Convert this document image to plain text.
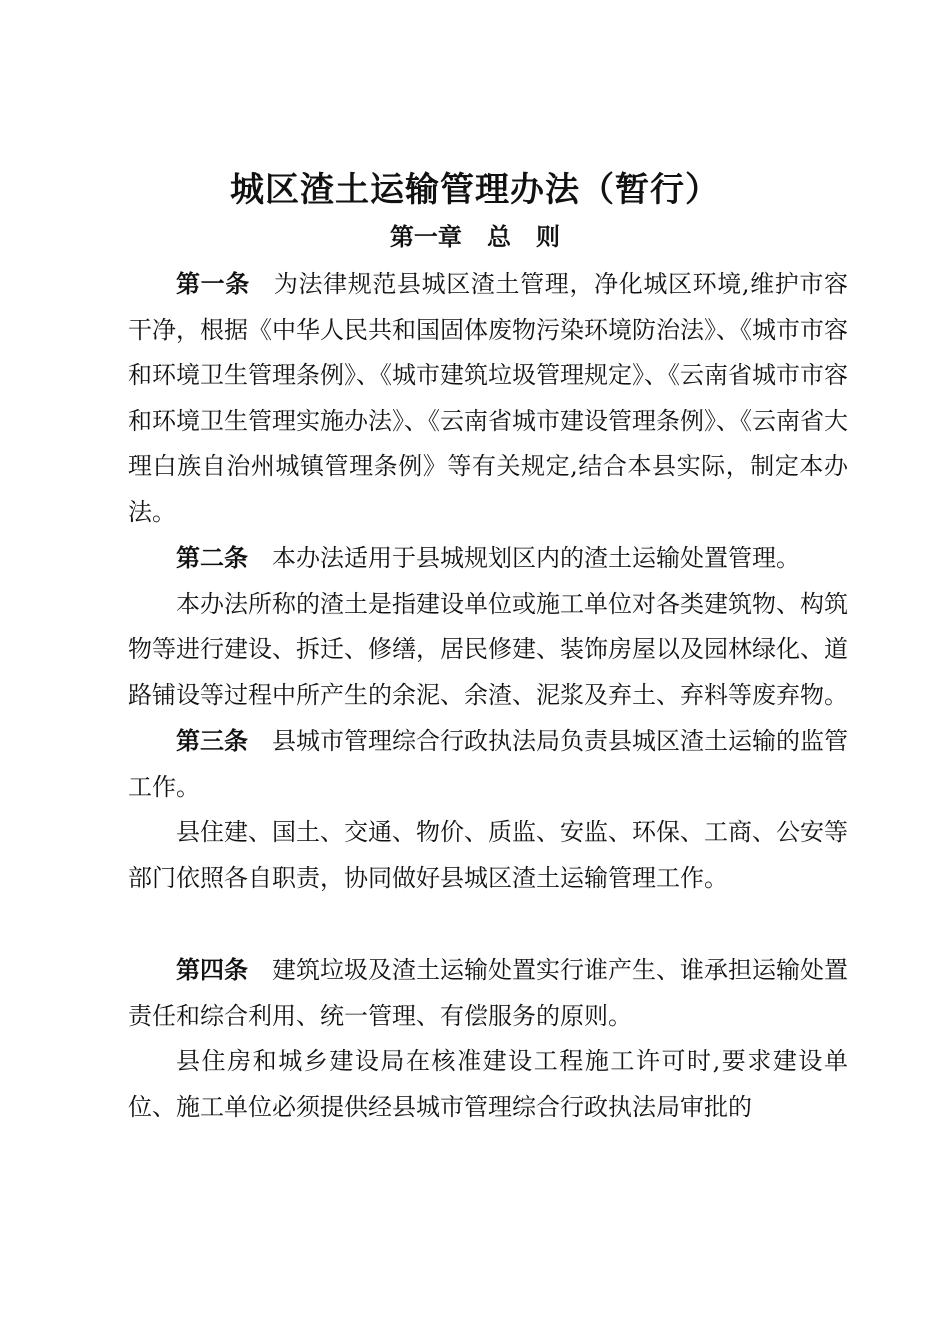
城区渣土运输管理办法（暂行）
第一章   总   则

第一条 为法律规范县城区渣土管理，净化城区环境,维护市容干净，根据《中华人民共和国固体废物污染环境防治法》、《城市市容和环境卫生管理条例》、《城市建筑垃圾管理规定》、《云南省城市市容和环境卫生管理实施办法》、《云南省城市建设管理条例》、《云南省大理白族自治州城镇管理条例》等有关规定,结合本县实际，制定本办法。

第二条 本办法适用于县城规划区内的渣土运输处置管理。

本办法所称的渣土是指建设单位或施工单位对各类建筑物、构筑物等进行建设、拆迁、修缮，居民修建、装饰房屋以及园林绿化、道路铺设等过程中所产生的余泥、余渣、泥浆及弃土、弃料等废弃物。

第三条 县城市管理综合行政执法局负责县城区渣土运输的监管工作。

县住建、国土、交通、物价、质监、安监、环保、工商、公安等部门依照各自职责，协同做好县城区渣土运输管理工作。

第四条 建筑垃圾及渣土运输处置实行谁产生、谁承担运输处置责任和综合利用、统一管理、有偿服务的原则。

县住房和城乡建设局在核准建设工程施工许可时,要求建设单位、施工单位必须提供经县城市管理综合行政执法局审批的
